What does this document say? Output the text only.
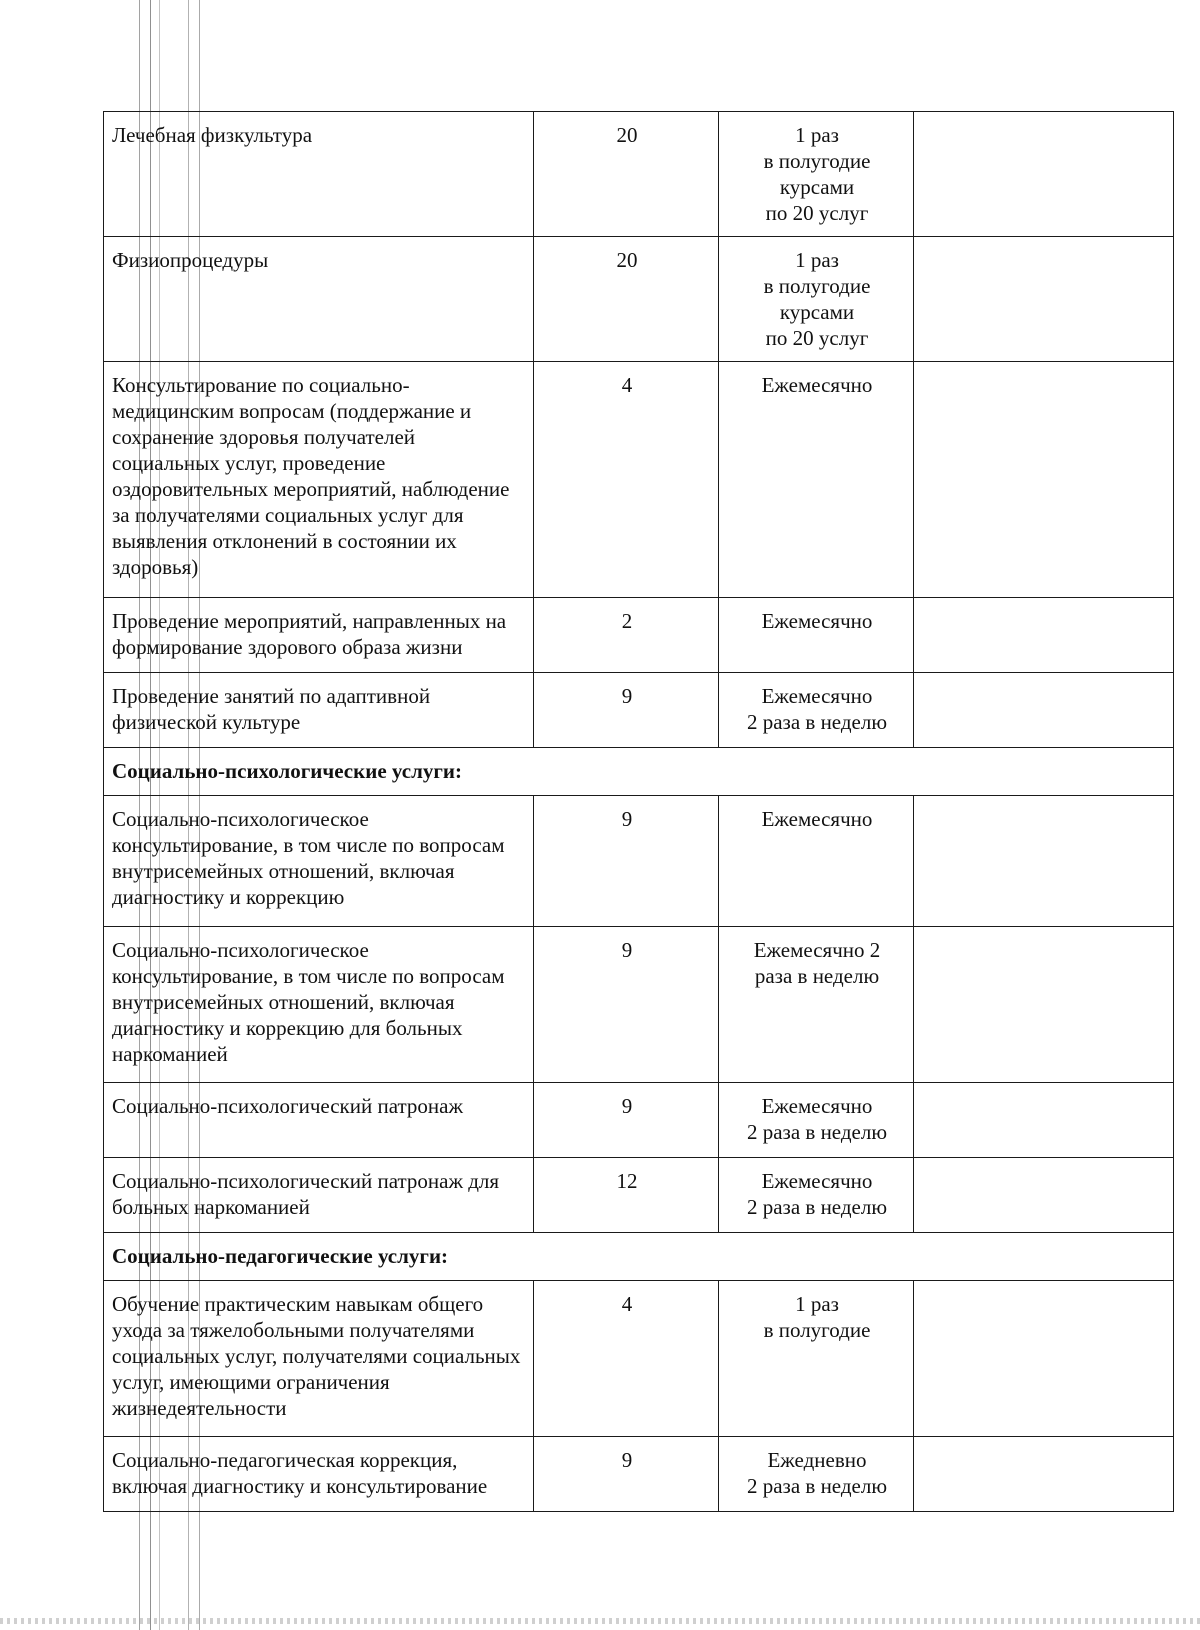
Лечебная физкультура	20	1 раз
в полугодие
курсами
по 20 услуг	

Физиопроцедуры	20	1 раз
в полугодие
курсами
по 20 услуг	

Консультирование по социально-медицинским вопросам (поддержание и сохранение здоровья получателей социальных услуг, проведение оздоровительных мероприятий, наблюдение за получателями социальных услуг для выявления отклонений в состоянии их здоровья)	4	Ежемесячно	

Проведение мероприятий, направленных на формирование здорового образа жизни	2	Ежемесячно	

Проведение занятий по адаптивной физической культуре	9	Ежемесячно
2 раза в неделю	

Социально-психологические услуги:			
Социально-психологическое консультирование, в том числе по вопросам внутрисемейных отношений, включая диагностику и коррекцию	9	Ежемесячно	

Социально-психологическое консультирование, в том числе по вопросам внутрисемейных отношений, включая диагностику и коррекцию для больных наркоманией	9	Ежемесячно 2
раза в неделю	

Социально-психологический патронаж	9	Ежемесячно
2 раза в неделю	

Социально-психологический патронаж для больных наркоманией	12	Ежемесячно
2 раза в неделю	

Социально-педагогические услуги:			
Обучение практическим навыкам общего ухода за тяжелобольными получателями социальных услуг, получателями социальных услуг, имеющими ограничения жизнедеятельности	4	1 раз
в полугодие	

Социально-педагогическая коррекция, включая диагностику и консультирование	9	Ежедневно
2 раза в неделю	
